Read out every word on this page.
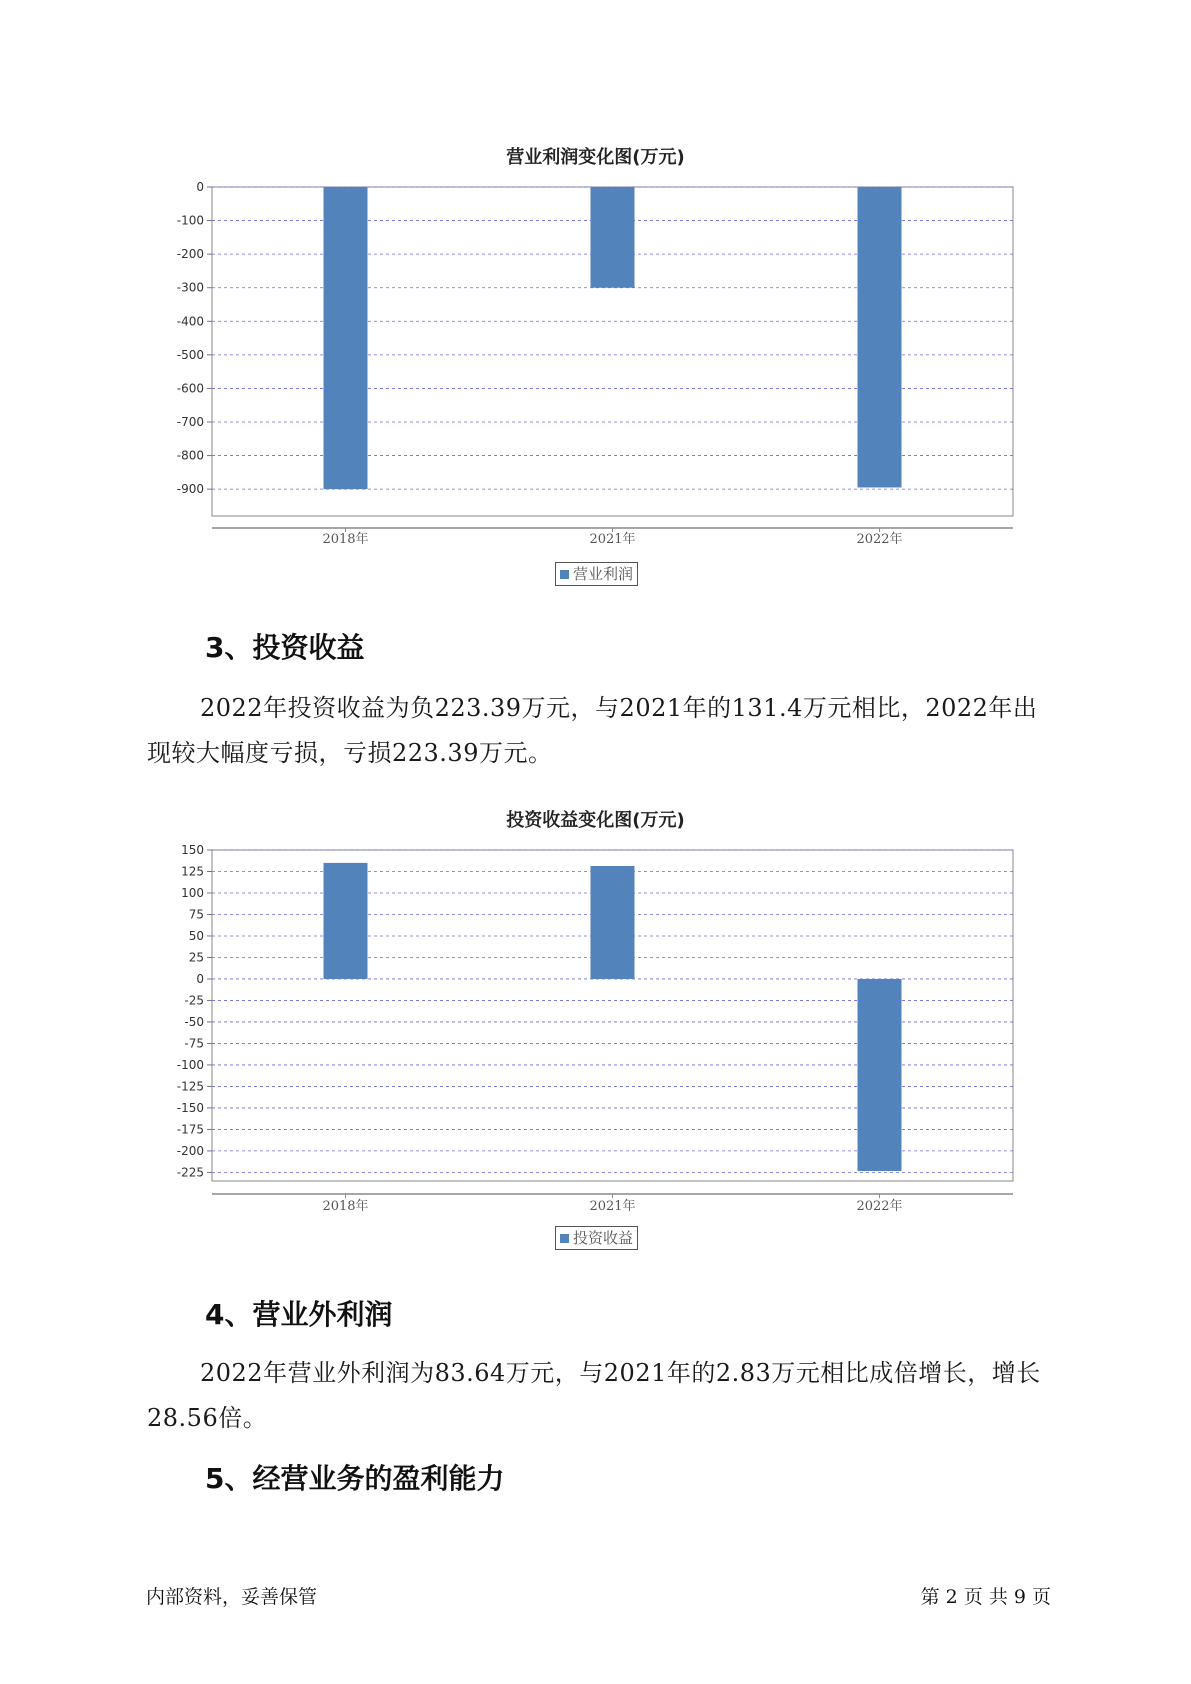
营业利润变化图(万元)
0
-100
-200
-300
-400
-500
-600
-700
-800
-900
2018年	2021年	2022年
营业利润
3、投资收益
2022年投资收益为负223.39万元，与2021年的131.4万元相比，2022年出现较大幅度亏损，亏损223.39万元。
投资收益变化图(万元)
150
125
100
75
50
25
0
-25
-50
-75
-100
-125
-150
-175
-200
-225
2018年	2021年	2022年
投资收益
4、营业外利润
2022年营业外利润为83.64万元，与2021年的2.83万元相比成倍增长，增长28.56倍。
5、经营业务的盈利能力
内部资料，妥善保管	第 2 页 共 9 页
